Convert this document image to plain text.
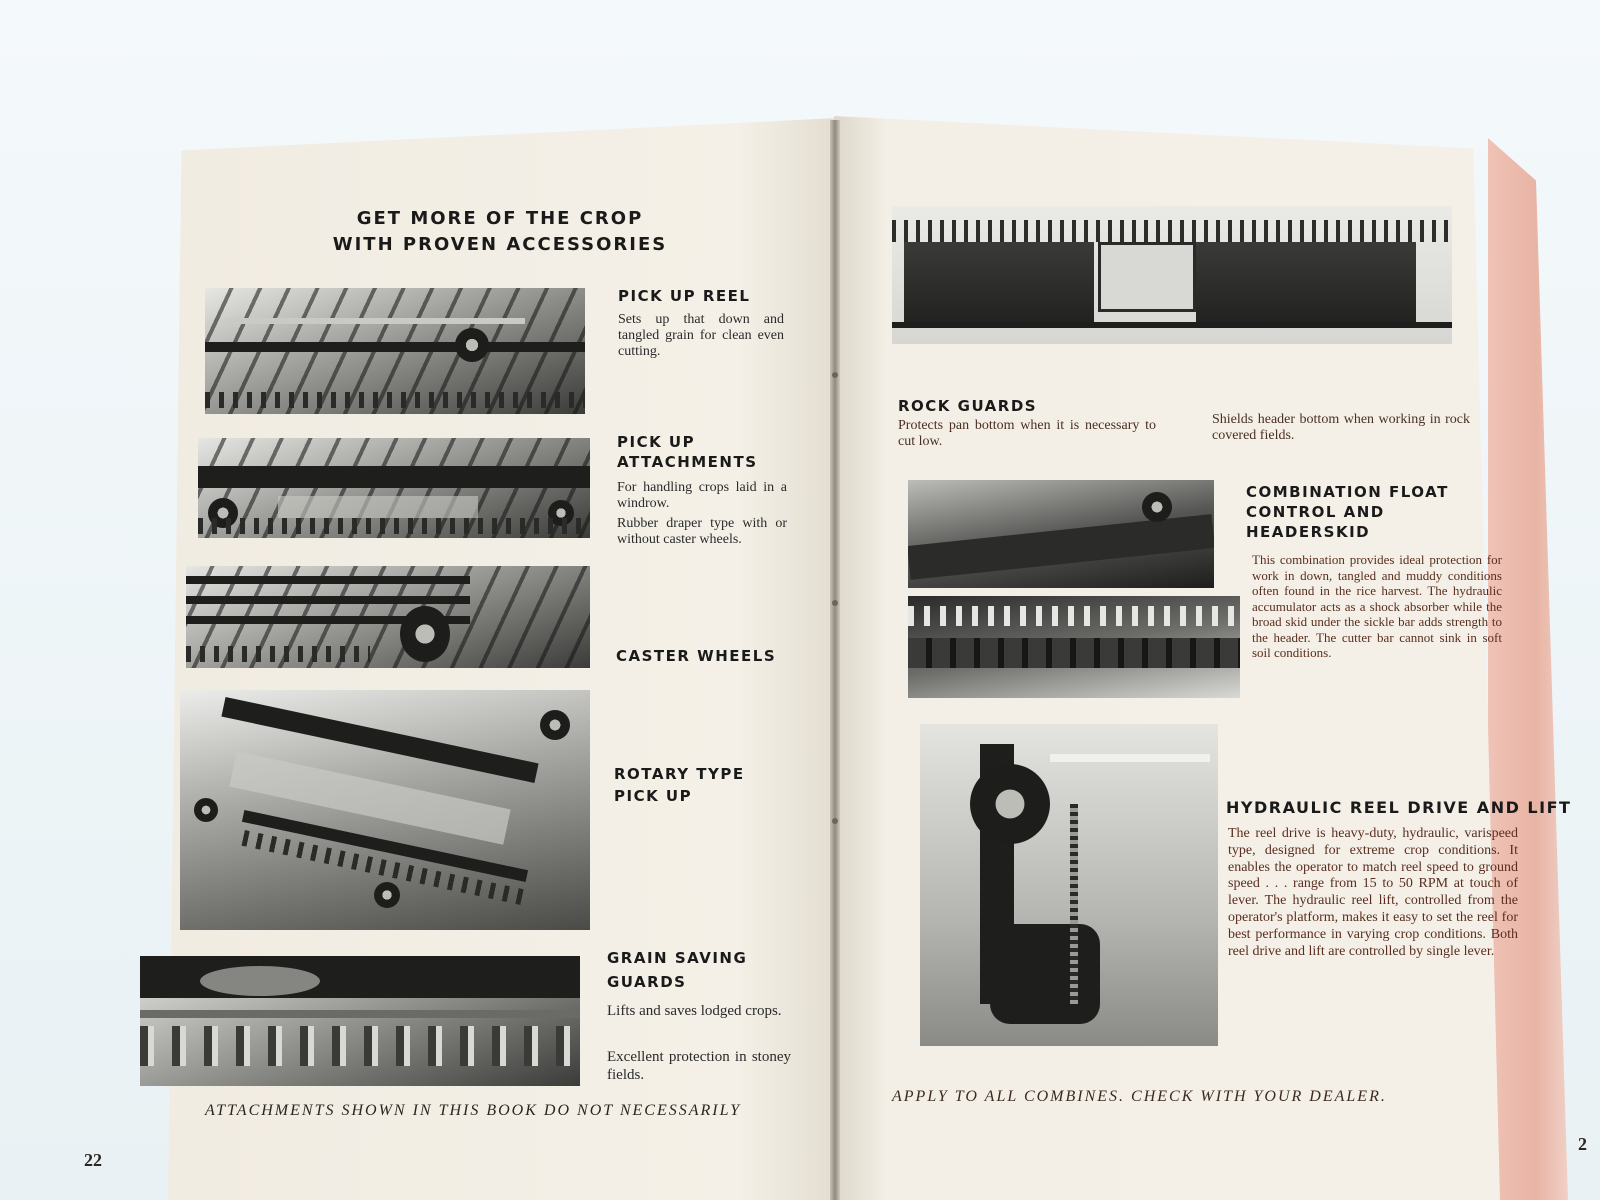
GET MORE OF THE CROP
WITH PROVEN ACCESSORIES
PICK UP REEL

Sets up that down and tangled grain for clean even cutting.

PICK UP
ATTACHMENTS

For handling crops laid in a windrow.

Rubber draper type with or without caster wheels.

CASTER WHEELS
ROTARY TYPE
PICK UP
GRAIN SAVING
GUARDS

Lifts and saves lodged crops.

Excellent protection in stoney fields.

ATTACHMENTS SHOWN IN THIS BOOK DO NOT NECESSARILY
22
ROCK GUARDS

Protects pan bottom when it is necessary to cut low.

Shields header bottom when working in rock covered fields.

COMBINATION FLOAT
CONTROL AND
HEADERSKID

This combination provides ideal protection for work in down, tangled and muddy conditions often found in the rice harvest. The hydraulic accumulator acts as a shock absorber while the broad skid under the sickle bar adds strength to the header. The cutter bar cannot sink in soft soil conditions.

HYDRAULIC REEL DRIVE AND LIFT

The reel drive is heavy-duty, hydraulic, varispeed type, designed for extreme crop conditions. It enables the operator to match reel speed to ground speed . . . range from 15 to 50 RPM at touch of lever. The hydraulic reel lift, controlled from the operator's platform, makes it easy to set the reel for best performance in varying crop conditions. Both reel drive and lift are controlled by single lever.

APPLY TO ALL COMBINES. CHECK WITH YOUR DEALER.
2
